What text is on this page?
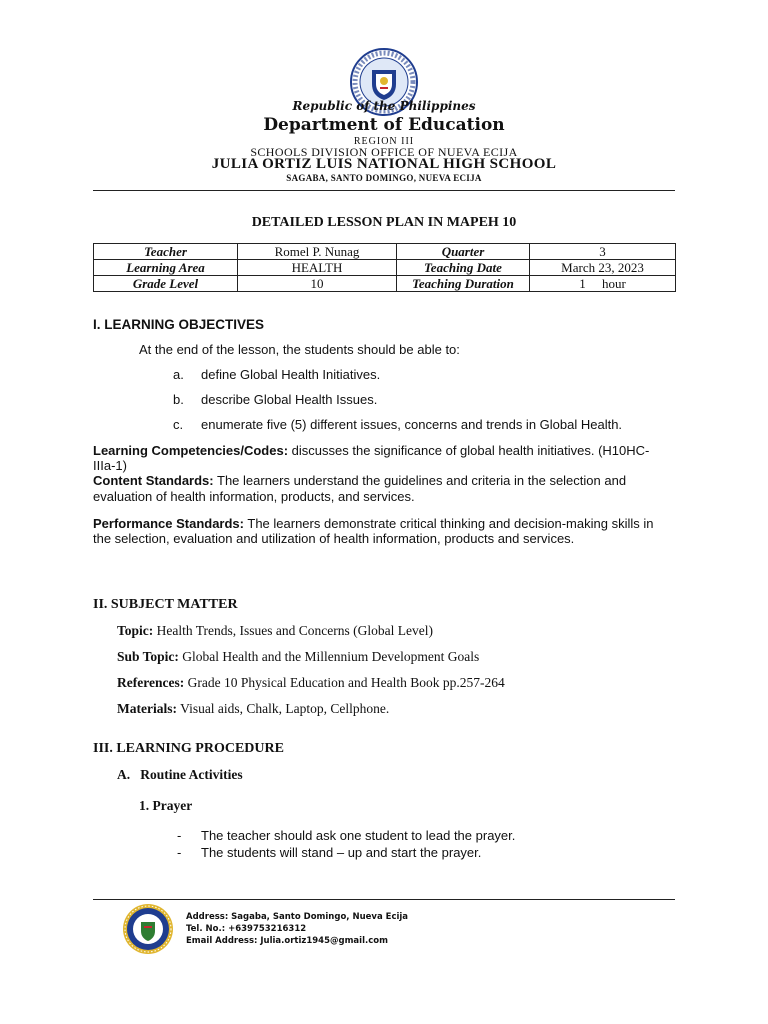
Republic of the Philippines
Department of Education
REGION III
SCHOOLS DIVISION OFFICE OF NUEVA ECIJA
JULIA ORTIZ LUIS NATIONAL HIGH SCHOOL
SAGABA, SANTO DOMINGO, NUEVA ECIJA
DETAILED LESSON PLAN IN MAPEH 10
Teacher	Romel P. Nunag	Quarter	3
Learning Area	HEALTH	Teaching Date	March 23, 2023
Grade Level	10	Teaching Duration	1     hour
I. LEARNING OBJECTIVES
At the end of the lesson, the students should be able to:
a. define Global Health Initiatives.
b. describe Global Health Issues.
c. enumerate five (5) different issues, concerns and trends in Global Health.
Learning Competencies/Codes: discusses the significance of global health initiatives. (H10HC-
IIIa-1)
Content Standards: The learners understand the guidelines and criteria in the selection and
evaluation of health information, products, and services.
Performance Standards: The learners demonstrate critical thinking and decision-making skills in
the selection, evaluation and utilization of health information, products and services.
II. SUBJECT MATTER
Topic: Health Trends, Issues and Concerns (Global Level)
Sub Topic: Global Health and the Millennium Development Goals
References: Grade 10 Physical Education and Health Book pp.257-264
Materials: Visual aids, Chalk, Laptop, Cellphone.
III. LEARNING PROCEDURE
A.   Routine Activities
1. Prayer
- The teacher should ask one student to lead the prayer.
- The students will stand – up and start the prayer.
Address: Sagaba, Santo Domingo, Nueva Ecija
Tel. No.: +639753216312
Email Address: Julia.ortiz1945@gmail.com
